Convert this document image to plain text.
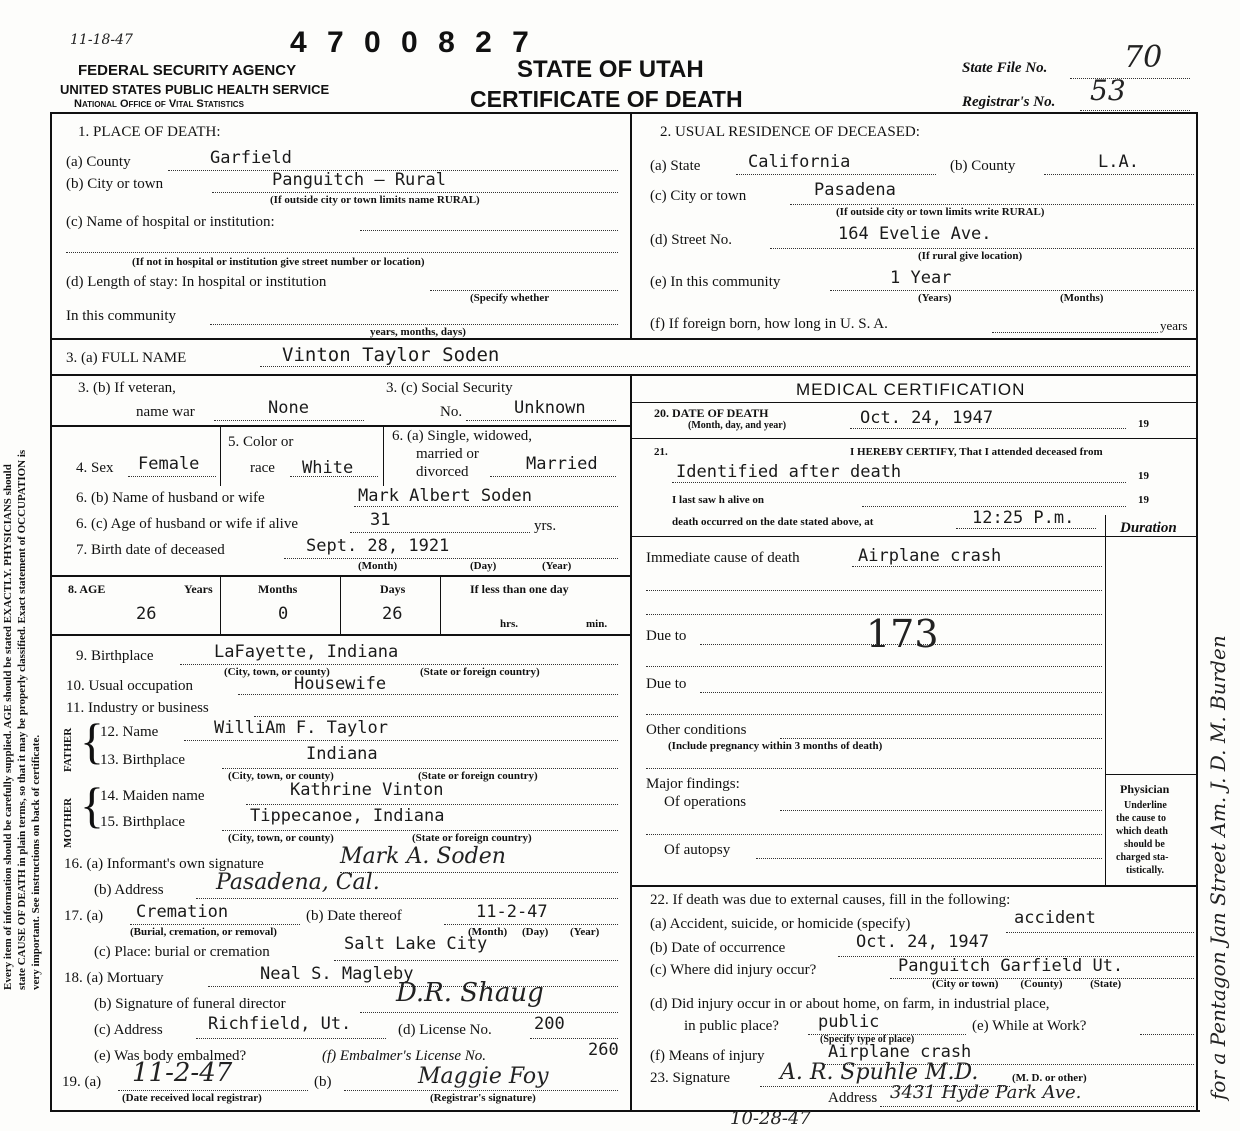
4 7 0 0 8 2 7
11-18-47
FEDERAL SECURITY AGENCY
UNITED STATES PUBLIC HEALTH SERVICE
National Office of Vital Statistics
STATE OF UTAH
CERTIFICATE OF DEATH
State File No.	70
Registrar's No. 53
Every item of information should be carefully supplied. AGE should be stated EXACTLY. PHYSICIANS should state CAUSE OF DEATH in plain terms, so that it may be properly classified. Exact statement of OCCUPATION is very important. See instructions on back of certificate.
1. PLACE OF DEATH:
(a) County	Garfield
(b) City or town	Panguitch — Rural
(If outside city or town limits name RURAL)
(c) Name of hospital or institution:
(If not in hospital or institution give street number or location)
(d) Length of stay: In hospital or institution
(Specify whether
In this community
years, months, days)
3. (a) FULL NAME	Vinton Taylor Soden
3. (b) If veteran,
name war	None
3. (c) Social Security
No.	Unknown
4. Sex Female
5. Color or
race White
6. (a) Single, widowed,
married or
divorced	Married
6. (b) Name of husband or wife	Mark Albert Soden
6. (c) Age of husband or wife if alive	31	yrs.
7. Birth date of deceased	Sept. 28, 1921
(Month)	(Day)	(Year)
8. AGE	Years	Months	Days	If less than one day
26	0	26	hrs.	min.
9. Birthplace	LaFayette, Indiana
(City, town, or county)	(State or foreign country)
10. Usual occupation	Housewife
11. Industry or business
FATHER
MOTHER
{
{
12. Name	WilliAm F. Taylor
13. Birthplace	Indiana
(City, town, or county)	(State or foreign country)
14. Maiden name	Kathrine Vinton
15. Birthplace	Tippecanoe, Indiana
(City, town, or county)	(State or foreign country)
16. (a) Informant's own signature	Mark A. Soden
(b) Address Pasadena, Cal.
17. (a) Cremation
(Burial, cremation, or removal)
(b) Date thereof	11-2-47
(Month) (Day) (Year)
(c) Place: burial or cremation	Salt Lake City
18. (a) Mortuary	Neal S. Magleby
(b) Signature of funeral director	D.R. Shaug
(c) Address	Richfield, Ut.	(d) License No. 200
(e) Was body embalmed?	(f) Embalmer's License No.	260
19. (a) 11-2-47
(Date received local registrar)
(b)	Maggie Foy
(Registrar's signature)
2. USUAL RESIDENCE OF DECEASED:
(a) State	California	(b) County	L.A.
(c) City or town	Pasadena
(If outside city or town limits write RURAL)
(d) Street No.	164 Evelie Ave.
(If rural give location)
(e) In this community	1 Year
(Years)	(Months)
(f) If foreign born, how long in U. S. A.	years
MEDICAL CERTIFICATION
20. DATE OF DEATH
(Month, day, and year)	Oct. 24, 1947	19
21.	I HEREBY CERTIFY, That I attended deceased from
Identified after death	19
I last saw h alive on	19
death occurred on the date stated above, at	12:25 P.m.	Duration
Immediate cause of death	Airplane crash
Due to	173
Due to
Other conditions
(Include pregnancy within 3 months of death)
Major findings:
Of operations
Of autopsy
Physician
Underline
the cause to
which death
should be
charged sta-
tistically.
22. If death was due to external causes, fill in the following:
(a) Accident, suicide, or homicide (specify)	accident
(b) Date of occurrence	Oct. 24, 1947
(c) Where did injury occur?	Panguitch Garfield Ut.
(City or town)        (County)          (State)
(d) Did injury occur in or about home, on farm, in industrial place,
in public place? public
(Specify type of place)
(e) While at Work?
(f) Means of injury	Airplane crash
23. Signature A. R. Spuhle M.D.	(M. D. or other)
Address 3431 Hyde Park Ave.
10-28-47
for a Pentagon Jan Street Am. J. D. M. Burden
